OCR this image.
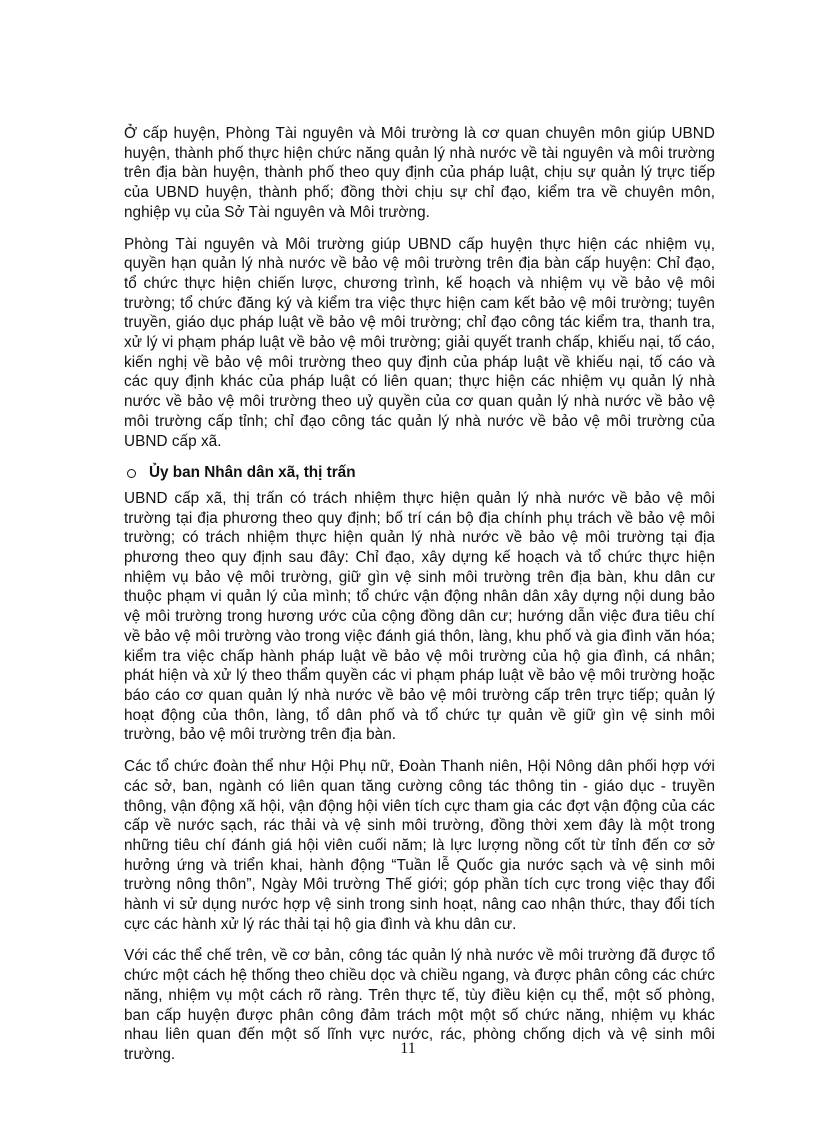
Ở cấp huyện, Phòng Tài nguyên và Môi trường là cơ quan chuyên môn giúp UBND huyện, thành phố thực hiện chức năng quản lý nhà nước về tài nguyên và môi trường trên địa bàn huyện, thành phố theo quy định của pháp luật, chịu sự quản lý trực tiếp của UBND huyện, thành phố; đồng thời chịu sự chỉ đạo, kiểm tra về chuyên môn, nghiệp vụ của Sở Tài nguyên và Môi trường.

Phòng Tài nguyên và Môi trường giúp UBND cấp huyện thực hiện các nhiệm vụ, quyền hạn quản lý nhà nước về bảo vệ môi trường trên địa bàn cấp huyện: Chỉ đạo, tổ chức thực hiện chiến lược, chương trình, kế hoạch và nhiệm vụ về bảo vệ môi trường; tổ chức đăng ký và kiểm tra việc thực hiện cam kết bảo vệ môi trường; tuyên truyền, giáo dục pháp luật về bảo vệ môi trường; chỉ đạo công tác kiểm tra, thanh tra, xử lý vi phạm pháp luật về bảo vệ môi trường; giải quyết tranh chấp, khiếu nại, tố cáo, kiến nghị về bảo vệ môi trường theo quy định của pháp luật về khiếu nại, tố cáo và các quy định khác của pháp luật có liên quan; thực hiện các nhiệm vụ quản lý nhà nước về bảo vệ môi trường theo uỷ quyền của cơ quan quản lý nhà nước về bảo vệ môi trường cấp tỉnh; chỉ đạo công tác quản lý nhà nước về bảo vệ môi trường của UBND cấp xã.

Ủy ban Nhân dân xã, thị trấn

UBND cấp xã, thị trấn có trách nhiệm thực hiện quản lý nhà nước về bảo vệ môi trường tại địa phương theo quy định; bố trí cán bộ địa chính phụ trách về bảo vệ môi trường; có trách nhiệm thực hiện quản lý nhà nước về bảo vệ môi trường tại địa phương theo quy định sau đây: Chỉ đạo, xây dựng kế hoạch và tổ chức thực hiện nhiệm vụ bảo vệ môi trường, giữ gìn vệ sinh môi trường trên địa bàn, khu dân cư thuộc phạm vi quản lý của mình; tổ chức vận động nhân dân xây dựng nội dung bảo vệ môi trường trong hương ước của cộng đồng dân cư; hướng dẫn việc đưa tiêu chí về bảo vệ môi trường vào trong việc đánh giá thôn, làng, khu phố và gia đình văn hóa; kiểm tra việc chấp hành pháp luật về bảo vệ môi trường của hộ gia đình, cá nhân; phát hiện và xử lý theo thẩm quyền các vi phạm pháp luật về bảo vệ môi trường hoặc báo cáo cơ quan quản lý nhà nước về bảo vệ môi trường cấp trên trực tiếp; quản lý hoạt động của thôn, làng, tổ dân phố và tổ chức tự quản về giữ gìn vệ sinh môi trường, bảo vệ môi trường trên địa bàn.

Các tổ chức đoàn thể như Hội Phụ nữ, Đoàn Thanh niên, Hội Nông dân phối hợp với các sở, ban, ngành có liên quan tăng cường công tác thông tin - giáo dục - truyền thông, vận động xã hội, vận động hội viên tích cực tham gia các đợt vận động của các cấp về nước sạch, rác thải và vệ sinh môi trường, đồng thời xem đây là một trong những tiêu chí đánh giá hội viên cuối năm; là lực lượng nồng cốt từ tỉnh đến cơ sở hưởng ứng và triển khai, hành động “Tuần lễ Quốc gia nước sạch và vệ sinh môi trường nông thôn”, Ngày Môi trường Thế giới; góp phần tích cực trong việc thay đổi hành vi sử dụng nước hợp vệ sinh trong sinh hoạt, nâng cao nhận thức, thay đổi tích cực các hành xử lý rác thải tại hộ gia đình và khu dân cư.

Với các thể chế trên, về cơ bản, công tác quản lý nhà nước về môi trường đã được tổ chức một cách hệ thống theo chiều dọc và chiều ngang, và được phân công các chức năng, nhiệm vụ một cách rõ ràng. Trên thực tế, tùy điều kiện cụ thể, một số phòng, ban cấp huyện được phân công đảm trách một một số chức năng, nhiệm vụ khác nhau liên quan đến một số lĩnh vực nước, rác, phòng chống dịch và vệ sinh môi trường.	11
